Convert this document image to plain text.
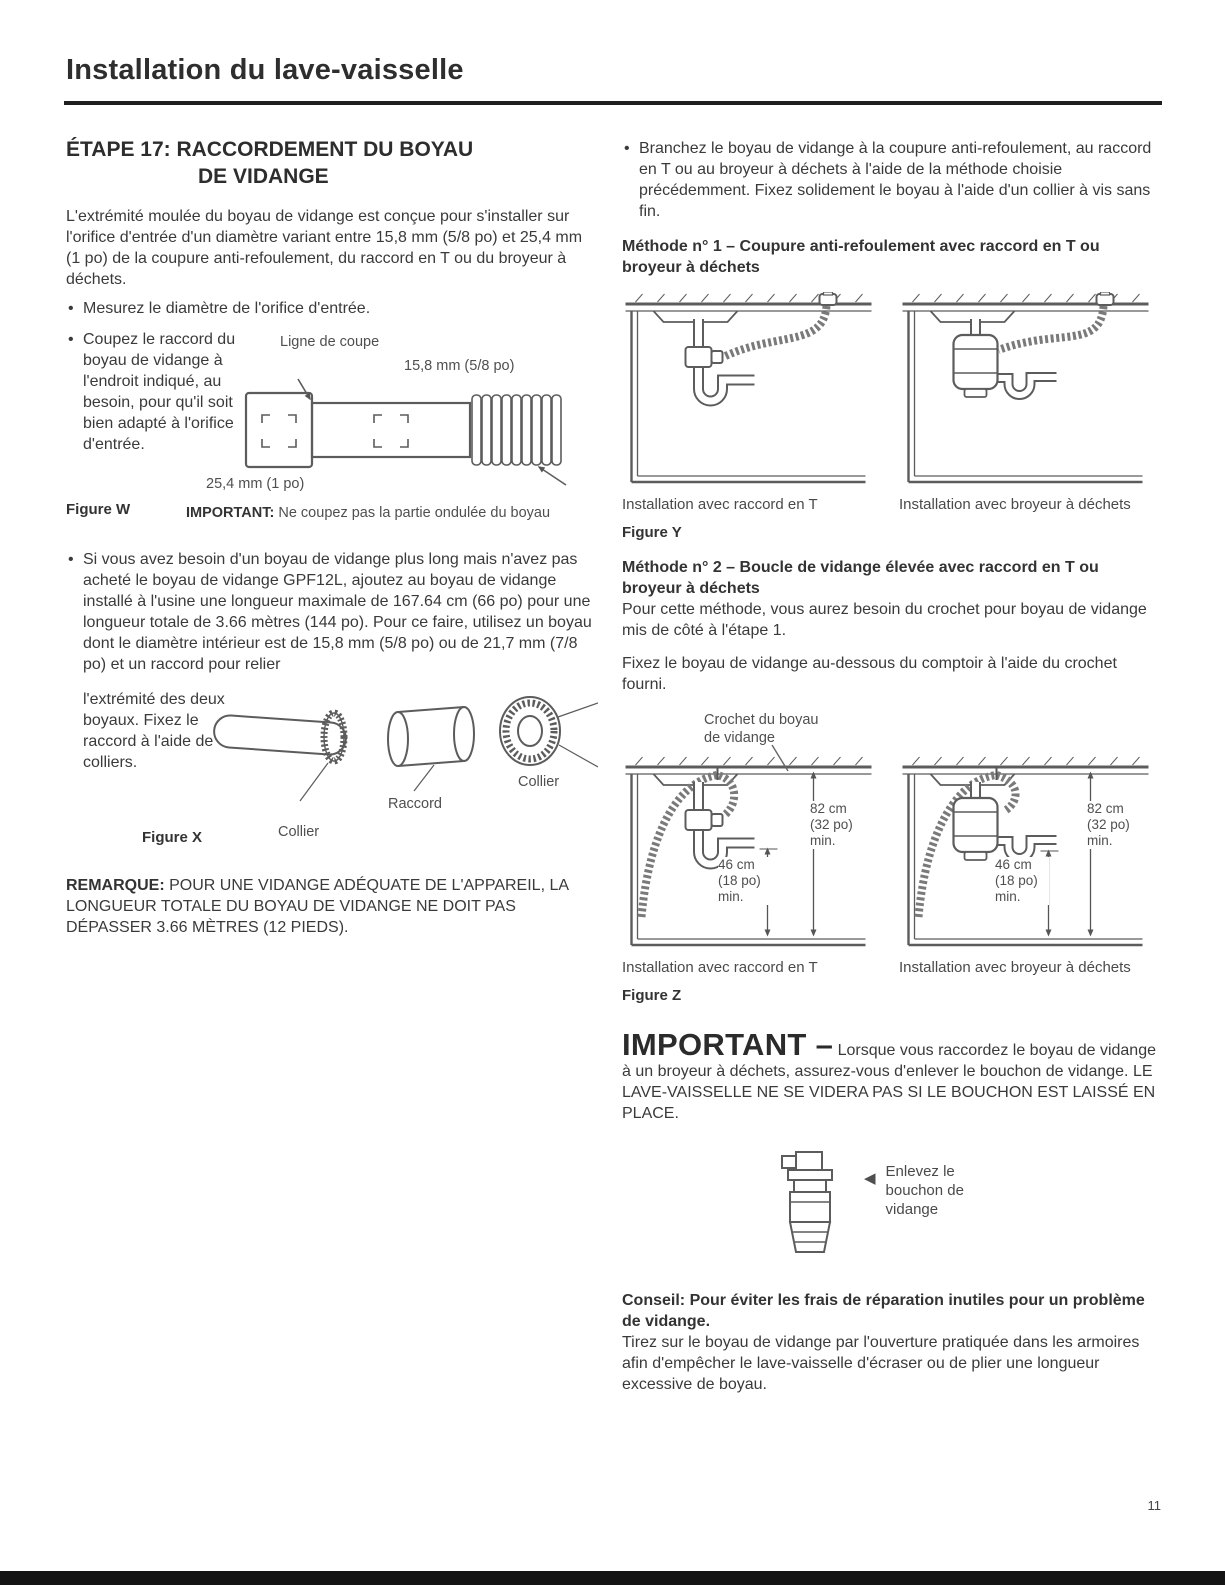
Installation du lave-vaisselle
ÉTAPE 17: RACCORDEMENT DU BOYAU
DE VIDANGE

L'extrémité moulée du boyau de vidange est conçue pour s'installer sur l'orifice d'entrée d'un diamètre variant entre 15,8 mm (5/8 po) et 25,4 mm (1 po) de la coupure anti-refoulement, du raccord en T ou du broyeur à déchets.

• Mesurez le diamètre de l'orifice d'entrée.

• Coupez le raccord du boyau de vidange à l'endroit indiqué, au besoin, pour qu'il soit bien adapté à l'orifice d'entrée.

Ligne de coupe
15,8 mm (5/8 po)
25,4 mm (1 po)
Figure W	IMPORTANT: Ne coupez pas la partie ondulée du boyau

• Si vous avez besoin d'un boyau de vidange plus long mais n'avez pas acheté le boyau de vidange GPF12L, ajoutez au boyau de vidange installé à l'usine une longueur maximale de 167.64 cm (66 po) pour une longueur totale de 3.66 mètres (144 po). Pour ce faire, utilisez un boyau dont le diamètre intérieur est de 15,8 mm (5/8 po) ou de 21,7 mm (7/8 po) et un raccord pour relier

l'extrémité des deux boyaux. Fixez le raccord à l'aide de colliers.

Collier
Raccord
Collier
Figure X

REMARQUE: POUR UNE VIDANGE ADÉQUATE DE L'APPAREIL, LA LONGUEUR TOTALE DU BOYAU DE VIDANGE NE DOIT PAS DÉPASSER 3.66 MÈTRES (12 PIEDS).

• Branchez le boyau de vidange à la coupure anti-refoulement, au raccord en T ou au broyeur à déchets à l'aide de la méthode choisie précédemment. Fixez solidement le boyau à l'aide d'un collier à vis sans fin.

Méthode n° 1 – Coupure anti-refoulement avec raccord en T ou broyeur à déchets

Installation avec raccord en T	Installation avec broyeur à déchets
Figure Y

Méthode n° 2 – Boucle de vidange élevée avec raccord en T ou broyeur à déchets

Pour cette méthode, vous aurez besoin du crochet pour boyau de vidange mis de côté à l'étape 1.

Fixez le boyau de vidange au-dessous du comptoir à l'aide du crochet fourni.

Crochet du boyau de vidange
82 cm (32 po) min.
46 cm (18 po) min.
Installation avec raccord en T
82 cm (32 po) min.
46 cm (18 po) min.
Installation avec broyeur à déchets
Figure Z

IMPORTANT – Lorsque vous raccordez le boyau de vidange à un broyeur à déchets, assurez-vous d'enlever le bouchon de vidange. LE LAVE-VAISSELLE NE SE VIDERA PAS SI LE BOUCHON EST LAISSÉ EN PLACE.

◀ Enlevez le bouchon de vidange

Conseil: Pour éviter les frais de réparation inutiles pour un problème de vidange.

Tirez sur le boyau de vidange par l'ouverture pratiquée dans les armoires afin d'empêcher le lave-vaisselle d'écraser ou de plier une longueur excessive de boyau.

11
